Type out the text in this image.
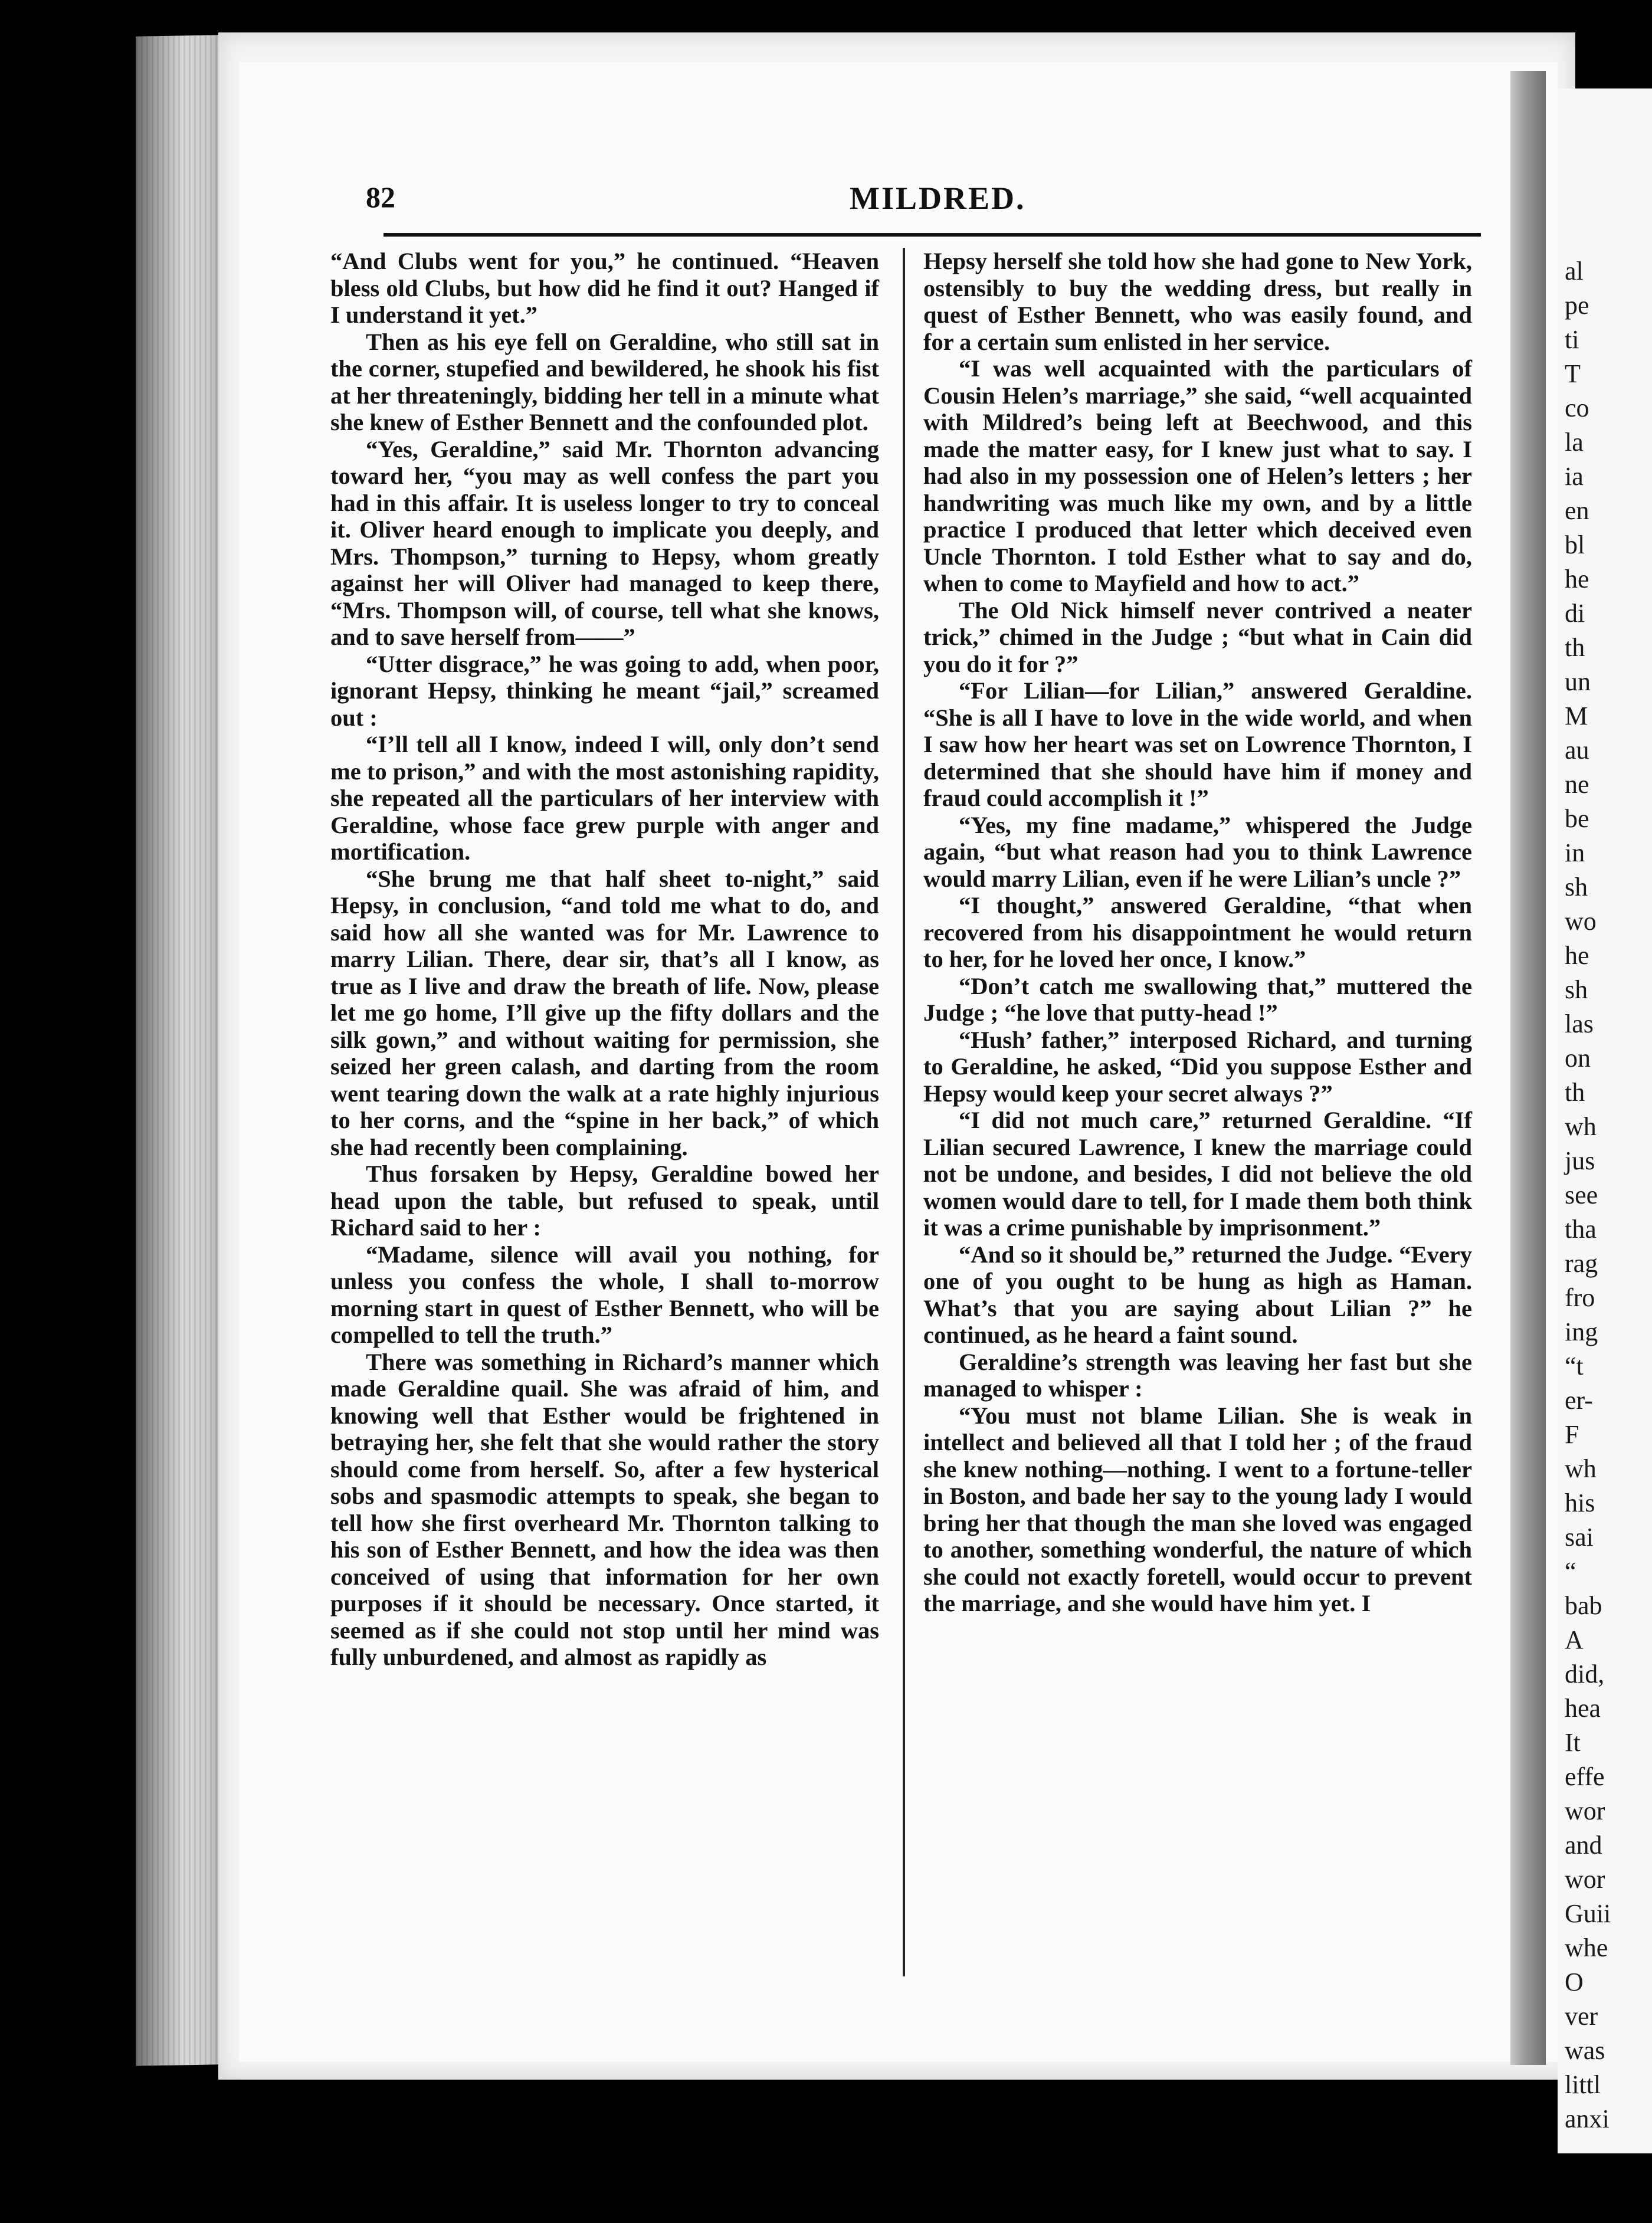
al
pe
ti
T
co
la
ia
en
bl
he
di
th
un
M
au
ne
be
in
sh
wo
he
sh
las
on
th
wh
jus
see
tha
rag
fro
ing
“t
er-
F
wh
his
sai
“
bab
A
did,
hea
It
effe
wor
and
wor
Guii
whe
O
ver
was
littl
anxi
82	MILDRED.

“And Clubs went for you,” he continued. “Heaven bless old Clubs, but how did he find it out? Hanged if I understand it yet.”

Then as his eye fell on Geraldine, who still sat in the corner, stupefied and bewildered, he shook his fist at her threateningly, bidding her tell in a minute what she knew of Esther Bennett and the confounded plot.

“Yes, Geraldine,” said Mr. Thornton advancing toward her, “you may as well confess the part you had in this affair. It is useless longer to try to conceal it. Oliver heard enough to implicate you deeply, and Mrs. Thompson,” turning to Hepsy, whom greatly against her will Oliver had managed to keep there, “Mrs. Thompson will, of course, tell what she knows, and to save herself from——”

“Utter disgrace,” he was going to add, when poor, ignorant Hepsy, thinking he meant “jail,” screamed out :

“I’ll tell all I know, indeed I will, only don’t send me to prison,” and with the most astonishing rapidity, she repeated all the particulars of her interview with Geraldine, whose face grew purple with anger and mortification.

“She brung me that half sheet to-night,” said Hepsy, in conclusion, “and told me what to do, and said how all she wanted was for Mr. Lawrence to marry Lilian. There, dear sir, that’s all I know, as true as I live and draw the breath of life. Now, please let me go home, I’ll give up the fifty dollars and the silk gown,” and without waiting for permission, she seized her green calash, and darting from the room went tearing down the walk at a rate highly injurious to her corns, and the “spine in her back,” of which she had recently been complaining.

Thus forsaken by Hepsy, Geraldine bowed her head upon the table, but refused to speak, until Richard said to her :

“Madame, silence will avail you nothing, for unless you confess the whole, I shall to-morrow morning start in quest of Esther Bennett, who will be compelled to tell the truth.”

There was something in Richard’s manner which made Geraldine quail. She was afraid of him, and knowing well that Esther would be frightened in betraying her, she felt that she would rather the story should come from herself. So, after a few hysterical sobs and spasmodic attempts to speak, she began to tell how she first overheard Mr. Thornton talking to his son of Esther Bennett, and how the idea was then conceived of using that information for her own purposes if it should be necessary. Once started, it seemed as if she could not stop until her mind was fully unburdened, and almost as rapidly as

Hepsy herself she told how she had gone to New York, ostensibly to buy the wedding dress, but really in quest of Esther Bennett, who was easily found, and for a certain sum enlisted in her service.

“I was well acquainted with the particulars of Cousin Helen’s marriage,” she said, “well acquainted with Mildred’s being left at Beechwood, and this made the matter easy, for I knew just what to say. I had also in my possession one of Helen’s letters ; her handwriting was much like my own, and by a little practice I produced that letter which deceived even Uncle Thornton. I told Esther what to say and do, when to come to Mayfield and how to act.”

The Old Nick himself never contrived a neater trick,” chimed in the Judge ; “but what in Cain did you do it for ?”

“For Lilian—for Lilian,” answered Geraldine. “She is all I have to love in the wide world, and when I saw how her heart was set on Lowrence Thornton, I determined that she should have him if money and fraud could accomplish it !”

“Yes, my fine madame,” whispered the Judge again, “but what reason had you to think Lawrence would marry Lilian, even if he were Lilian’s uncle ?”

“I thought,” answered Geraldine, “that when recovered from his disappointment he would return to her, for he loved her once, I know.”

“Don’t catch me swallowing that,” muttered the Judge ; “he love that putty-head !”

“Hush’ father,” interposed Richard, and turning to Geraldine, he asked, “Did you suppose Esther and Hepsy would keep your secret always ?”

“I did not much care,” returned Geraldine. “If Lilian secured Lawrence, I knew the marriage could not be undone, and besides, I did not believe the old women would dare to tell, for I made them both think it was a crime punishable by imprisonment.”

“And so it should be,” returned the Judge. “Every one of you ought to be hung as high as Haman. What’s that you are saying about Lilian ?” he continued, as he heard a faint sound.

Geraldine’s strength was leaving her fast but she managed to whisper :

“You must not blame Lilian. She is weak in intellect and believed all that I told her ; of the fraud she knew nothing—nothing. I went to a fortune-teller in Boston, and bade her say to the young lady I would bring her that though the man she loved was engaged to another, something wonderful, the nature of which she could not exactly foretell, would occur to prevent the marriage, and she would have him yet. I
